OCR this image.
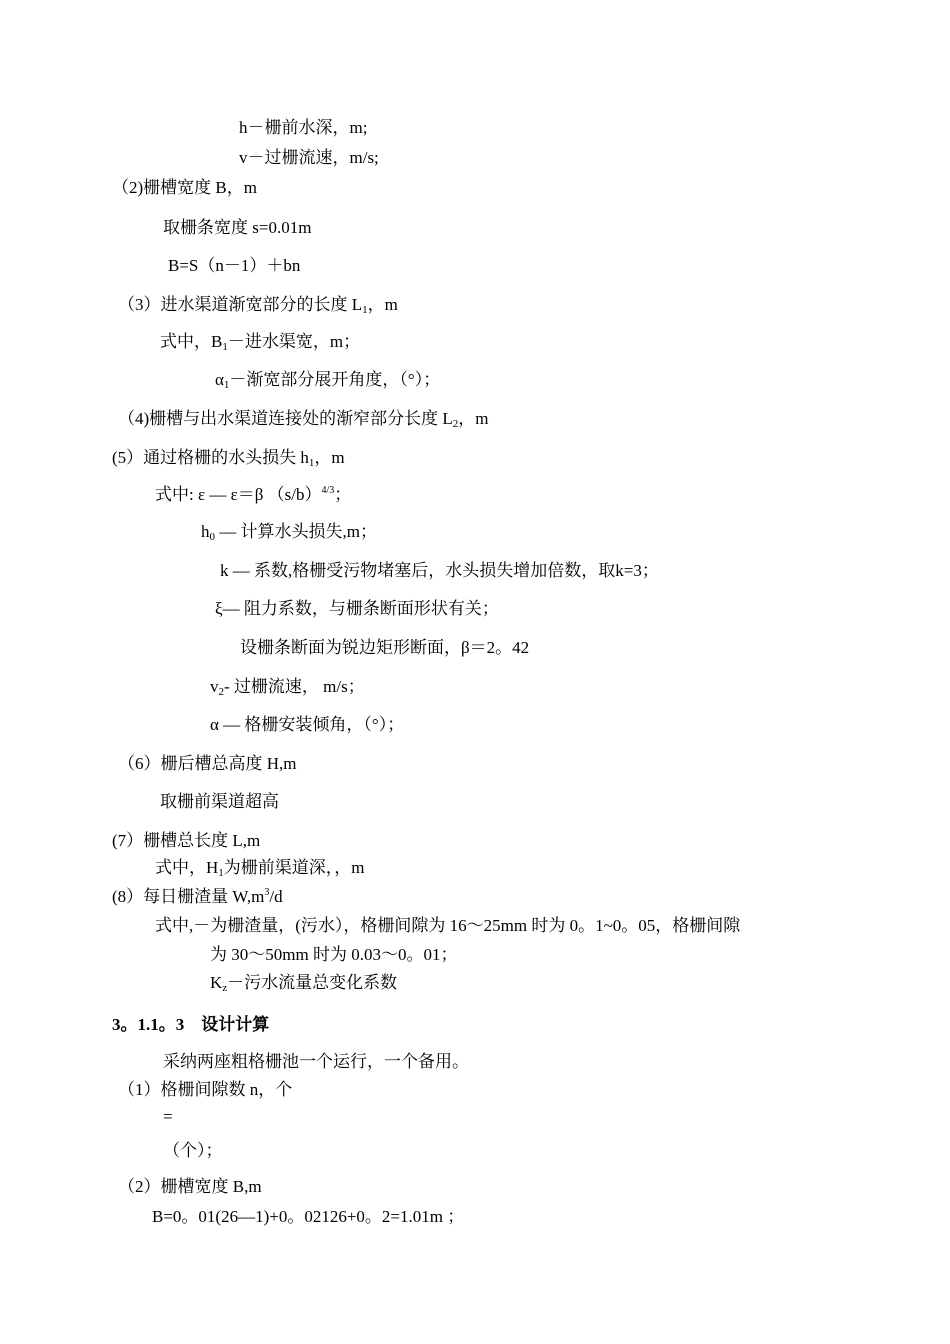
h－栅前水深，m;
v－过栅流速，m/s;
（2)栅槽宽度 B，m
取栅条宽度 s=0.01m
B=S（n－1）＋bn
（3）进水渠道渐宽部分的长度 $L_1$，m
式中，$B_1-$进水渠宽，m；
$\alpha_1-$渐宽部分展开角度，（°）；
（4)栅槽与出水渠道连接处的渐窄部分长度 $L_2$，m
(5）通过格栅的水头损失 $h_1$，m
式中: ε — ε＝β $(s/b)^{4/3}$；
$h_0$ — 计算水头损失,m；
k — 系数,格栅受污物堵塞后，水头损失增加倍数，取k=3；
ξ— 阻力系数，与栅条断面形状有关；
设栅条断面为锐边矩形断面，β＝2。42
$v_2-$ 过栅流速， m/s；
α — 格栅安装倾角，（°）；
（6）栅后槽总高度 H,m
取栅前渠道超高
(7）栅槽总长度 L,m
式中，$H_1$为栅前渠道深，，m
(8）每日栅渣量 $W,m^3/d$
式中,－为栅渣量，(污水），格栅间隙为 16～25mm 时为 0。1~0。05，格栅间隙
为 30～50mm 时为 0.03～0。01；
$K_z-$污水流量总变化系数
3。1.1。3　设计计算
采纳两座粗格栅池一个运行，一个备用。
（1）格栅间隙数 n，个
=
（个）；
（2）栅槽宽度 B,m
B=0。01(26—1)+0。02126+0。2=1.01m ；
